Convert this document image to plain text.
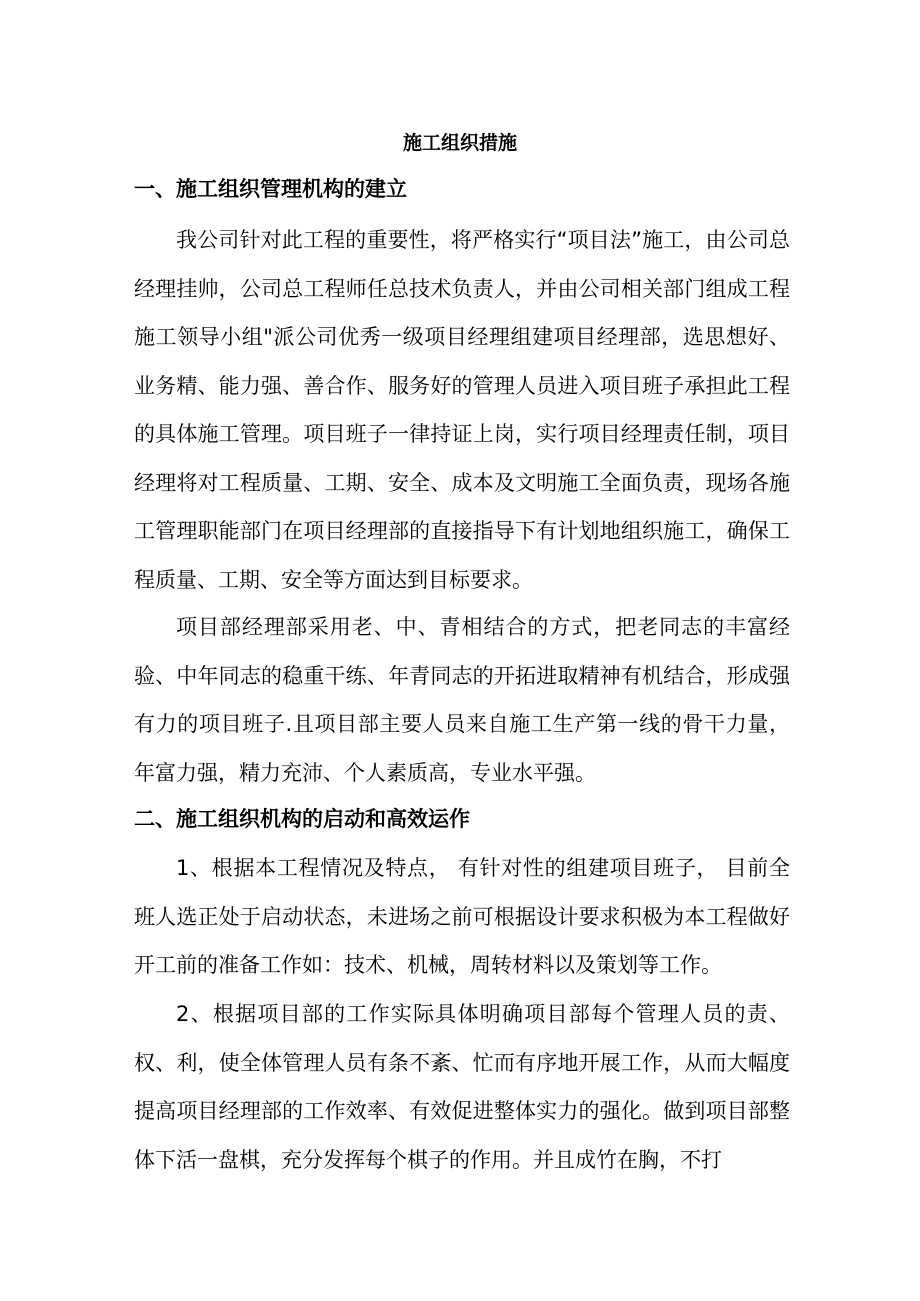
施工组织措施
一、施工组织管理机构的建立

我公司针对此工程的重要性，将严格实行“项目法”施工，由公司总经理挂帅，公司总工程师任总技术负责人，并由公司相关部门组成工程施工领导小组"派公司优秀一级项目经理组建项目经理部，选思想好、业务精、能力强、善合作、服务好的管理人员进入项目班子承担此工程的具体施工管理。项目班子一律持证上岗，实行项目经理责任制，项目经理将对工程质量、工期、安全、成本及文明施工全面负责，现场各施工管理职能部门在项目经理部的直接指导下有计划地组织施工，确保工程质量、工期、安全等方面达到目标要求。

项目部经理部采用老、中、青相结合的方式，把老同志的丰富经验、中年同志的稳重干练、年青同志的开拓进取精神有机结合，形成强有力的项目班子.且项目部主要人员来自施工生产第一线的骨干力量，年富力强，精力充沛、个人素质高，专业水平强。

二、施工组织机构的启动和高效运作

1、根据本工程情况及特点， 有针对性的组建项目班子， 目前全班人选正处于启动状态，未进场之前可根据设计要求积极为本工程做好开工前的准备工作如：技术、机械，周转材料以及策划等工作。

2、根据项目部的工作实际具体明确项目部每个管理人员的责、权、利，使全体管理人员有条不紊、忙而有序地开展工作，从而大幅度提高项目经理部的工作效率、有效促进整体实力的强化。做到项目部整体下活一盘棋，充分发挥每个棋子的作用。并且成竹在胸，不打
